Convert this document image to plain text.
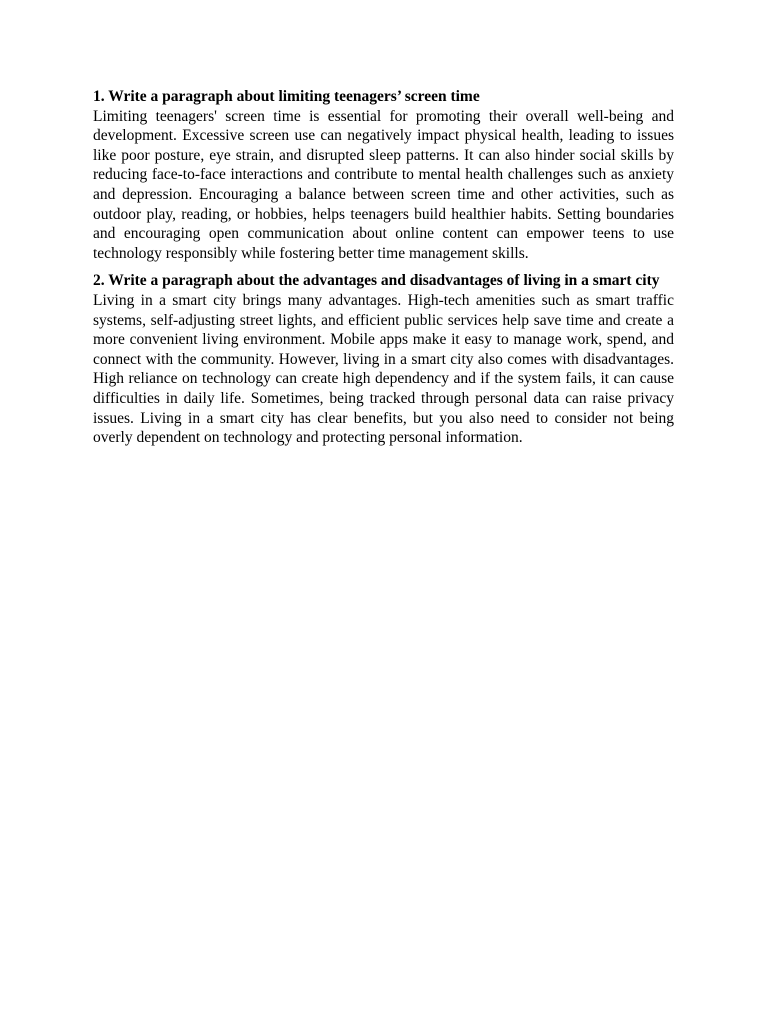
1. Write a paragraph about limiting teenagers’ screen time

Limiting teenagers' screen time is essential for promoting their overall well-being and development. Excessive screen use can negatively impact physical health, leading to issues like poor posture, eye strain, and disrupted sleep patterns. It can also hinder social skills by reducing face-to-face interactions and contribute to mental health challenges such as anxiety and depression. Encouraging a balance between screen time and other activities, such as outdoor play, reading, or hobbies, helps teenagers build healthier habits. Setting boundaries and encouraging open communication about online content can empower teens to use technology responsibly while fostering better time management skills.

2. Write a paragraph about the advantages and disadvantages of living in a smart city

Living in a smart city brings many advantages. High-tech amenities such as smart traffic systems, self-adjusting street lights, and efficient public services help save time and create a more convenient living environment. Mobile apps make it easy to manage work, spend, and connect with the community. However, living in a smart city also comes with disadvantages. High reliance on technology can create high dependency and if the system fails, it can cause difficulties in daily life. Sometimes, being tracked through personal data can raise privacy issues. Living in a smart city has clear benefits, but you also need to consider not being overly dependent on technology and protecting personal information.
